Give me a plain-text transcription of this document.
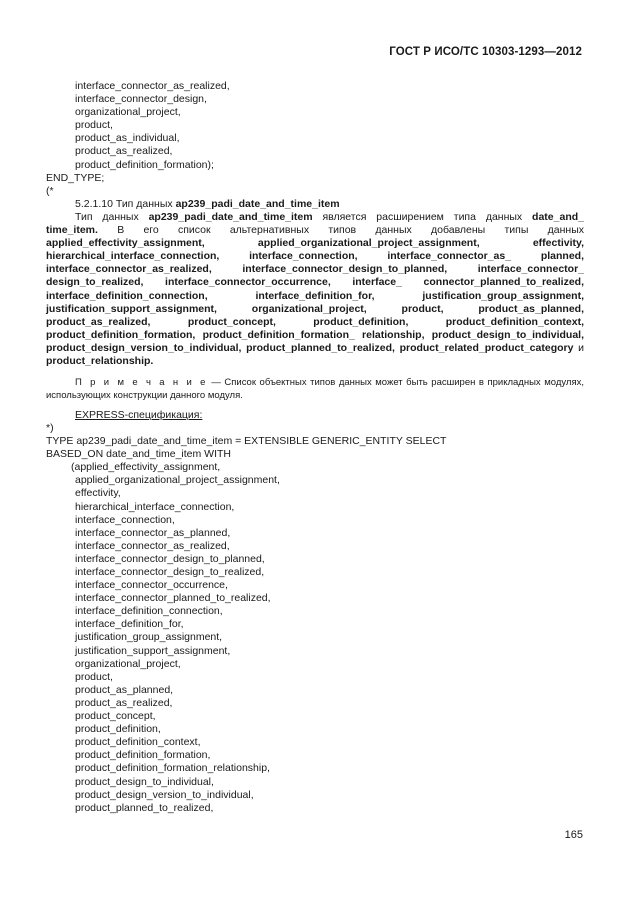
ГОСТ Р ИСО/ТС 10303-1293—2012
interface_connector_as_realized,
interface_connector_design,
organizational_project,
product,
product_as_individual,
product_as_realized,
product_definition_formation);
END_TYPE;
(*
5.2.1.10 Тип данных ap239_padi_date_and_time_item

Тип данных ap239_padi_date_and_time_item является расширением типа данных date_and_ time_item. В его список альтернативных типов данных добавлены типы данных applied_effectivity_assignment, applied_organizational_project_assignment, effectivity, hierarchical_interface_connection, interface_connection, interface_connector_as_ planned, interface_connector_as_realized, interface_connector_design_to_planned, interface_connector_ design_to_realized, interface_connector_occurrence, interface_ connector_planned_to_realized, interface_definition_connection, interface_definition_for, justification_group_assignment, justification_support_assignment, organizational_project, product, product_as_planned, product_as_realized, product_concept, product_definition, product_definition_context, product_definition_formation, product_definition_formation_ relationship, product_design_to_individual, product_design_version_to_individual, product_planned_to_realized, product_related_product_category и product_relationship.

П р и м е ч а н и е — Список объектных типов данных может быть расширен в прикладных модулях, использующих конструкции данного модуля.
EXPRESS-спецификация:
*)
TYPE ap239_padi_date_and_time_item = EXTENSIBLE GENERIC_ENTITY SELECT
BASED_ON date_and_time_item WITH
(applied_effectivity_assignment,
applied_organizational_project_assignment,
effectivity,
hierarchical_interface_connection,
interface_connection,
interface_connector_as_planned,
interface_connector_as_realized,
interface_connector_design_to_planned,
interface_connector_design_to_realized,
interface_connector_occurrence,
interface_connector_planned_to_realized,
interface_definition_connection,
interface_definition_for,
justification_group_assignment,
justification_support_assignment,
organizational_project,
product,
product_as_planned,
product_as_realized,
product_concept,
product_definition,
product_definition_context,
product_definition_formation,
product_definition_formation_relationship,
product_design_to_individual,
product_design_version_to_individual,
product_planned_to_realized,
165
